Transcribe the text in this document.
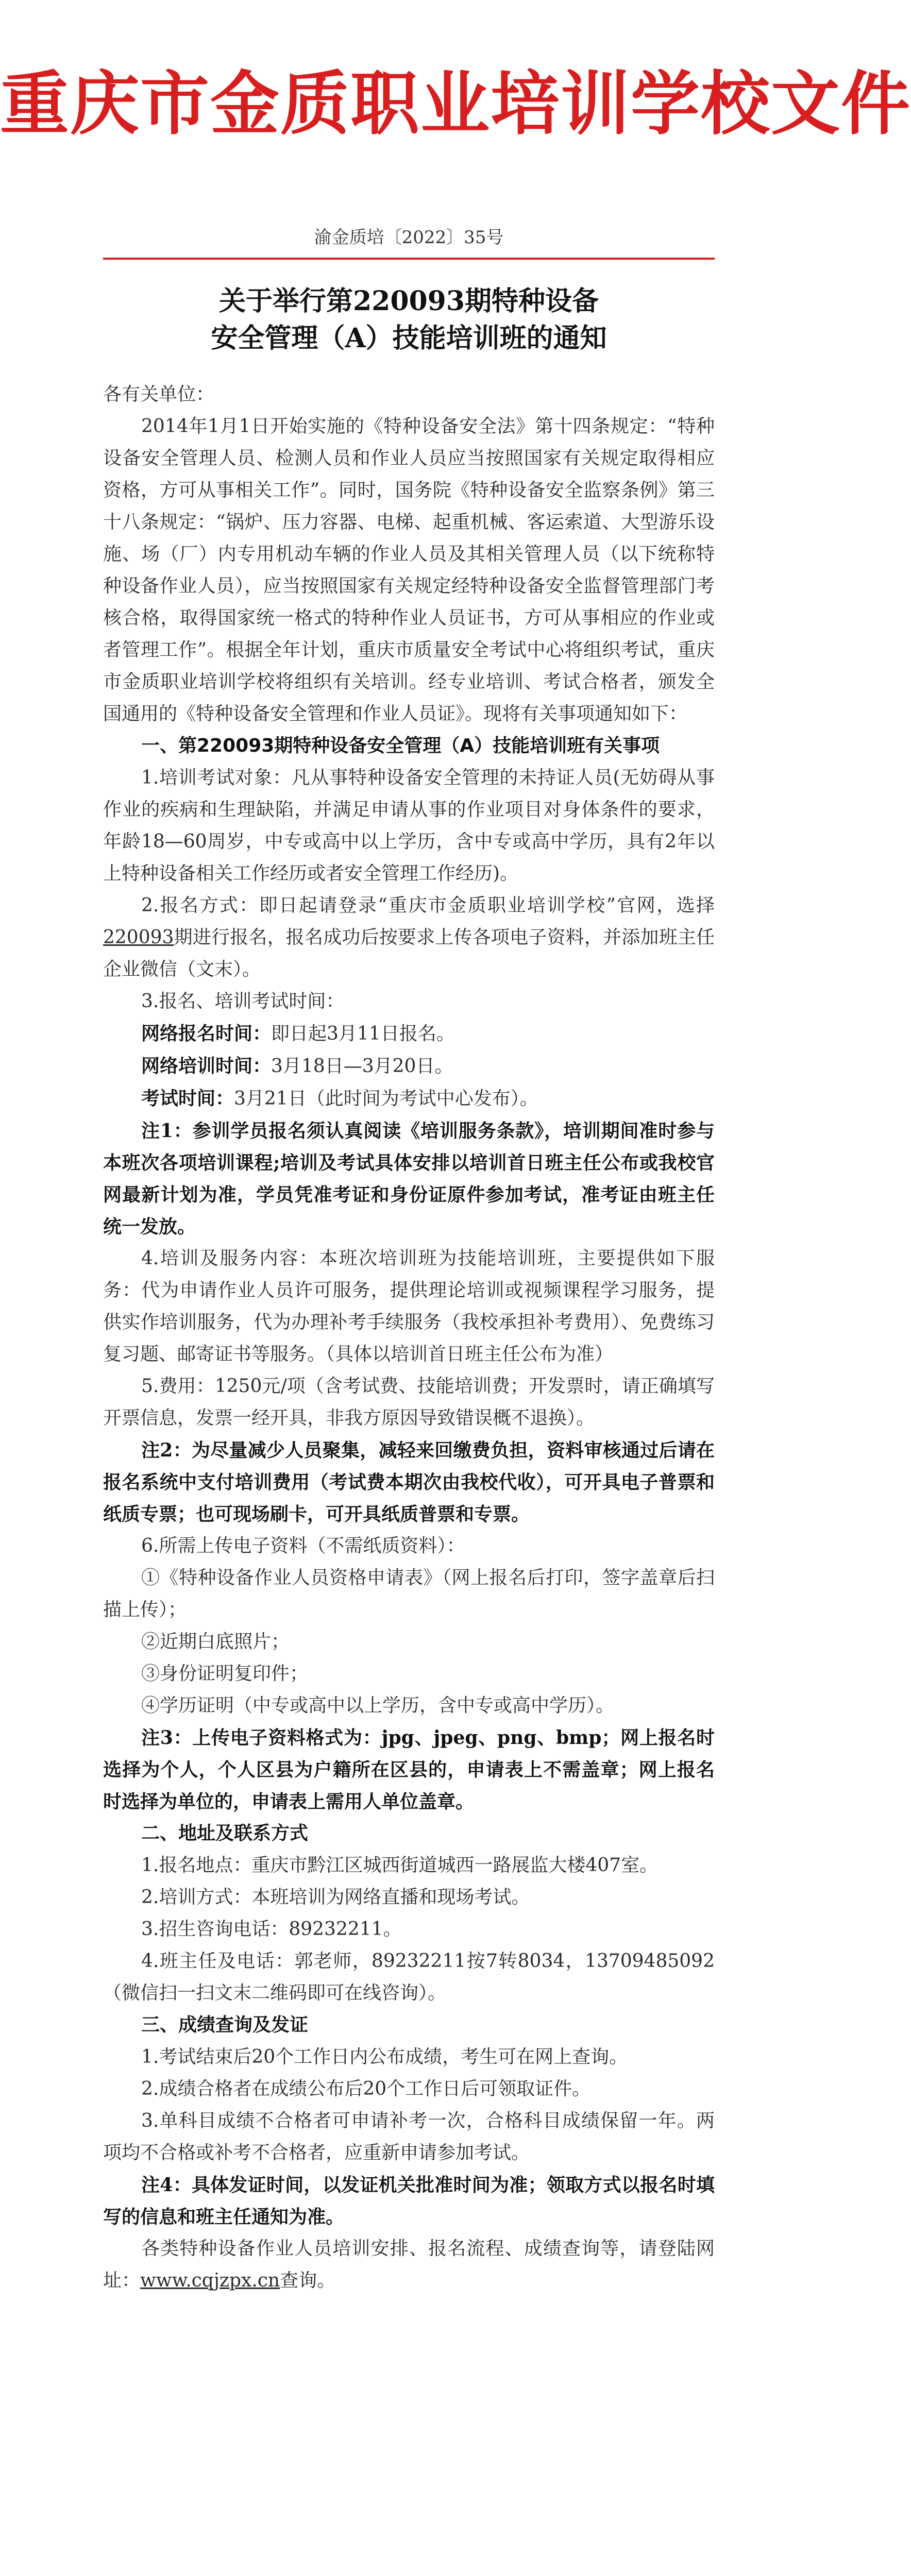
重庆市金质职业培训学校文件
渝金质培〔2022〕35号
关于举行第220093期特种设备
安全管理（A）技能培训班的通知

各有关单位：

2014年1月1日开始实施的《特种设备安全法》第十四条规定：“特种设备安全管理人员、检测人员和作业人员应当按照国家有关规定取得相应资格，方可从事相关工作”。同时，国务院《特种设备安全监察条例》第三十八条规定：“锅炉、压力容器、电梯、起重机械、客运索道、大型游乐设施、场（厂）内专用机动车辆的作业人员及其相关管理人员（以下统称特种设备作业人员），应当按照国家有关规定经特种设备安全监督管理部门考核合格，取得国家统一格式的特种作业人员证书，方可从事相应的作业或者管理工作”。根据全年计划，重庆市质量安全考试中心将组织考试，重庆市金质职业培训学校将组织有关培训。经专业培训、考试合格者，颁发全国通用的《特种设备安全管理和作业人员证》。现将有关事项通知如下：

一、第220093期特种设备安全管理（A）技能培训班有关事项

1.培训考试对象：凡从事特种设备安全管理的未持证人员(无妨碍从事作业的疾病和生理缺陷，并满足申请从事的作业项目对身体条件的要求，年龄18—60周岁，中专或高中以上学历，含中专或高中学历，具有2年以上特种设备相关工作经历或者安全管理工作经历)。

2.报名方式：即日起请登录“重庆市金质职业培训学校”官网，选择220093期进行报名，报名成功后按要求上传各项电子资料，并添加班主任企业微信（文末）。

3.报名、培训考试时间：

网络报名时间：即日起3月11日报名。

网络培训时间：3月18日—3月20日。

考试时间：3月21日（此时间为考试中心发布）。

注1：参训学员报名须认真阅读《培训服务条款》，培训期间准时参与本班次各项培训课程;培训及考试具体安排以培训首日班主任公布或我校官网最新计划为准，学员凭准考证和身份证原件参加考试，准考证由班主任统一发放。

4.培训及服务内容：本班次培训班为技能培训班，主要提供如下服务：代为申请作业人员许可服务，提供理论培训或视频课程学习服务，提供实作培训服务，代为办理补考手续服务（我校承担补考费用）、免费练习复习题、邮寄证书等服务。（具体以培训首日班主任公布为准）

5.费用：1250元/项（含考试费、技能培训费；开发票时，请正确填写开票信息，发票一经开具，非我方原因导致错误概不退换）。

注2：为尽量减少人员聚集，减轻来回缴费负担，资料审核通过后请在报名系统中支付培训费用（考试费本期次由我校代收），可开具电子普票和纸质专票；也可现场刷卡，可开具纸质普票和专票。

6.所需上传电子资料（不需纸质资料）：

①《特种设备作业人员资格申请表》（网上报名后打印，签字盖章后扫描上传）；

②近期白底照片；

③身份证明复印件；

④学历证明（中专或高中以上学历，含中专或高中学历）。

注3：上传电子资料格式为：jpg、jpeg、png、bmp；网上报名时选择为个人，个人区县为户籍所在区县的，申请表上不需盖章；网上报名时选择为单位的，申请表上需用人单位盖章。

二、地址及联系方式

1.报名地点：重庆市黔江区城西街道城西一路展监大楼407室。

2.培训方式：本班培训为网络直播和现场考试。

3.招生咨询电话：89232211。

4.班主任及电话：郭老师，89232211按7转8034，13709485092（微信扫一扫文末二维码即可在线咨询）。

三、成绩查询及发证

1.考试结束后20个工作日内公布成绩，考生可在网上查询。

2.成绩合格者在成绩公布后20个工作日后可领取证件。

3.单科目成绩不合格者可申请补考一次，合格科目成绩保留一年。两项均不合格或补考不合格者，应重新申请参加考试。

注4：具体发证时间，以发证机关批准时间为准；领取方式以报名时填写的信息和班主任通知为准。

各类特种设备作业人员培训安排、报名流程、成绩查询等，请登陆网址：www.cqjzpx.cn查询。
